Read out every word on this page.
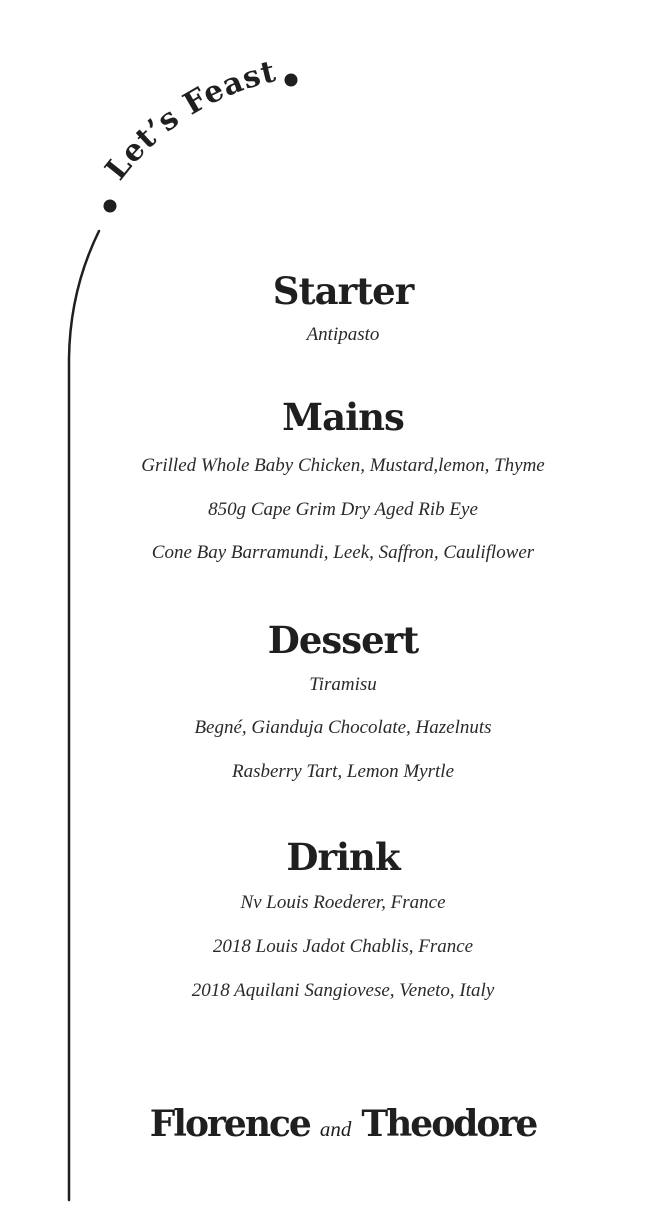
Let’s Feast
Starter

Antipasto

Mains

Grilled Whole Baby Chicken, Mustard,lemon, Thyme

850g Cape Grim Dry Aged Rib Eye

Cone Bay Barramundi, Leek, Saffron, Cauliflower

Dessert

Tiramisu

Begné, Gianduja Chocolate, Hazelnuts

Rasberry Tart, Lemon Myrtle

Drink

Nv Louis Roederer, France

2018 Louis Jadot Chablis, France

2018 Aquilani Sangiovese, Veneto, Italy

Florence and Theodore
